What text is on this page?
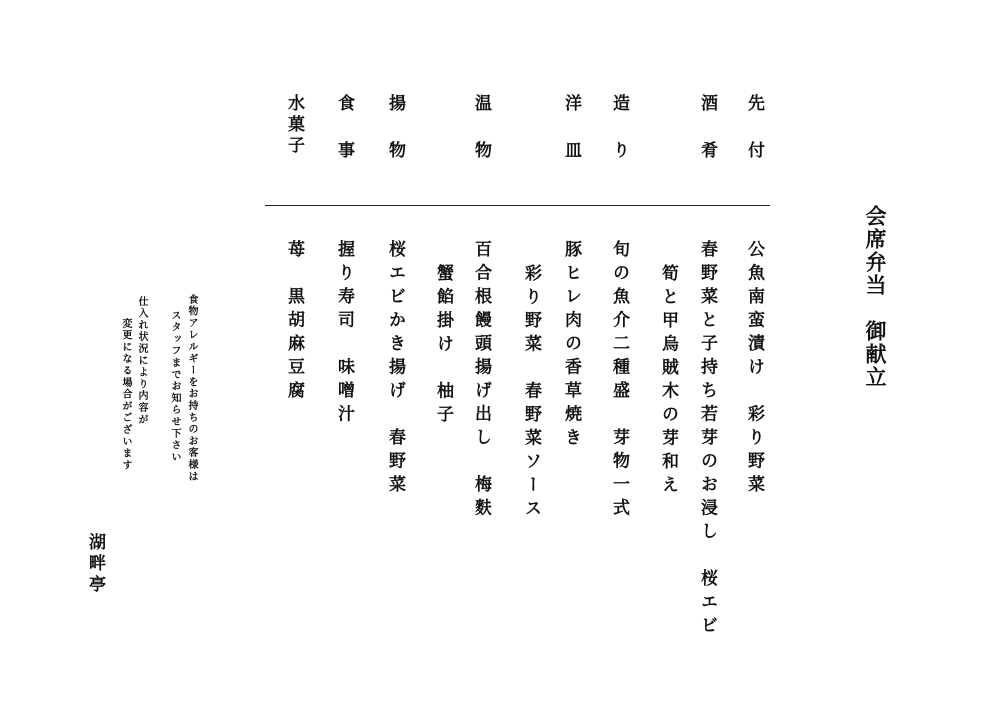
会席弁当　御献立
先付
酒肴
造り
洋皿
温物
揚物
食事
水菓子
公魚南蛮漬け　彩り野菜
春野菜と子持ち若芽のお浸し　桜エビ
筍と甲烏賊木の芽和え
旬の魚介二種盛　芽物一式
豚ヒレ肉の香草焼き
彩り野菜　春野菜ソース
百合根饅頭揚げ出し　梅麩
蟹餡掛け　柚子
桜エビかき揚げ　春野菜
握り寿司　味噌汁
苺　黒胡麻豆腐
食物アレルギーをお持ちのお客様は
スタッフまでお知らせ下さい
仕入れ状況により内容が
変更になる場合がございます
湖畔亭
